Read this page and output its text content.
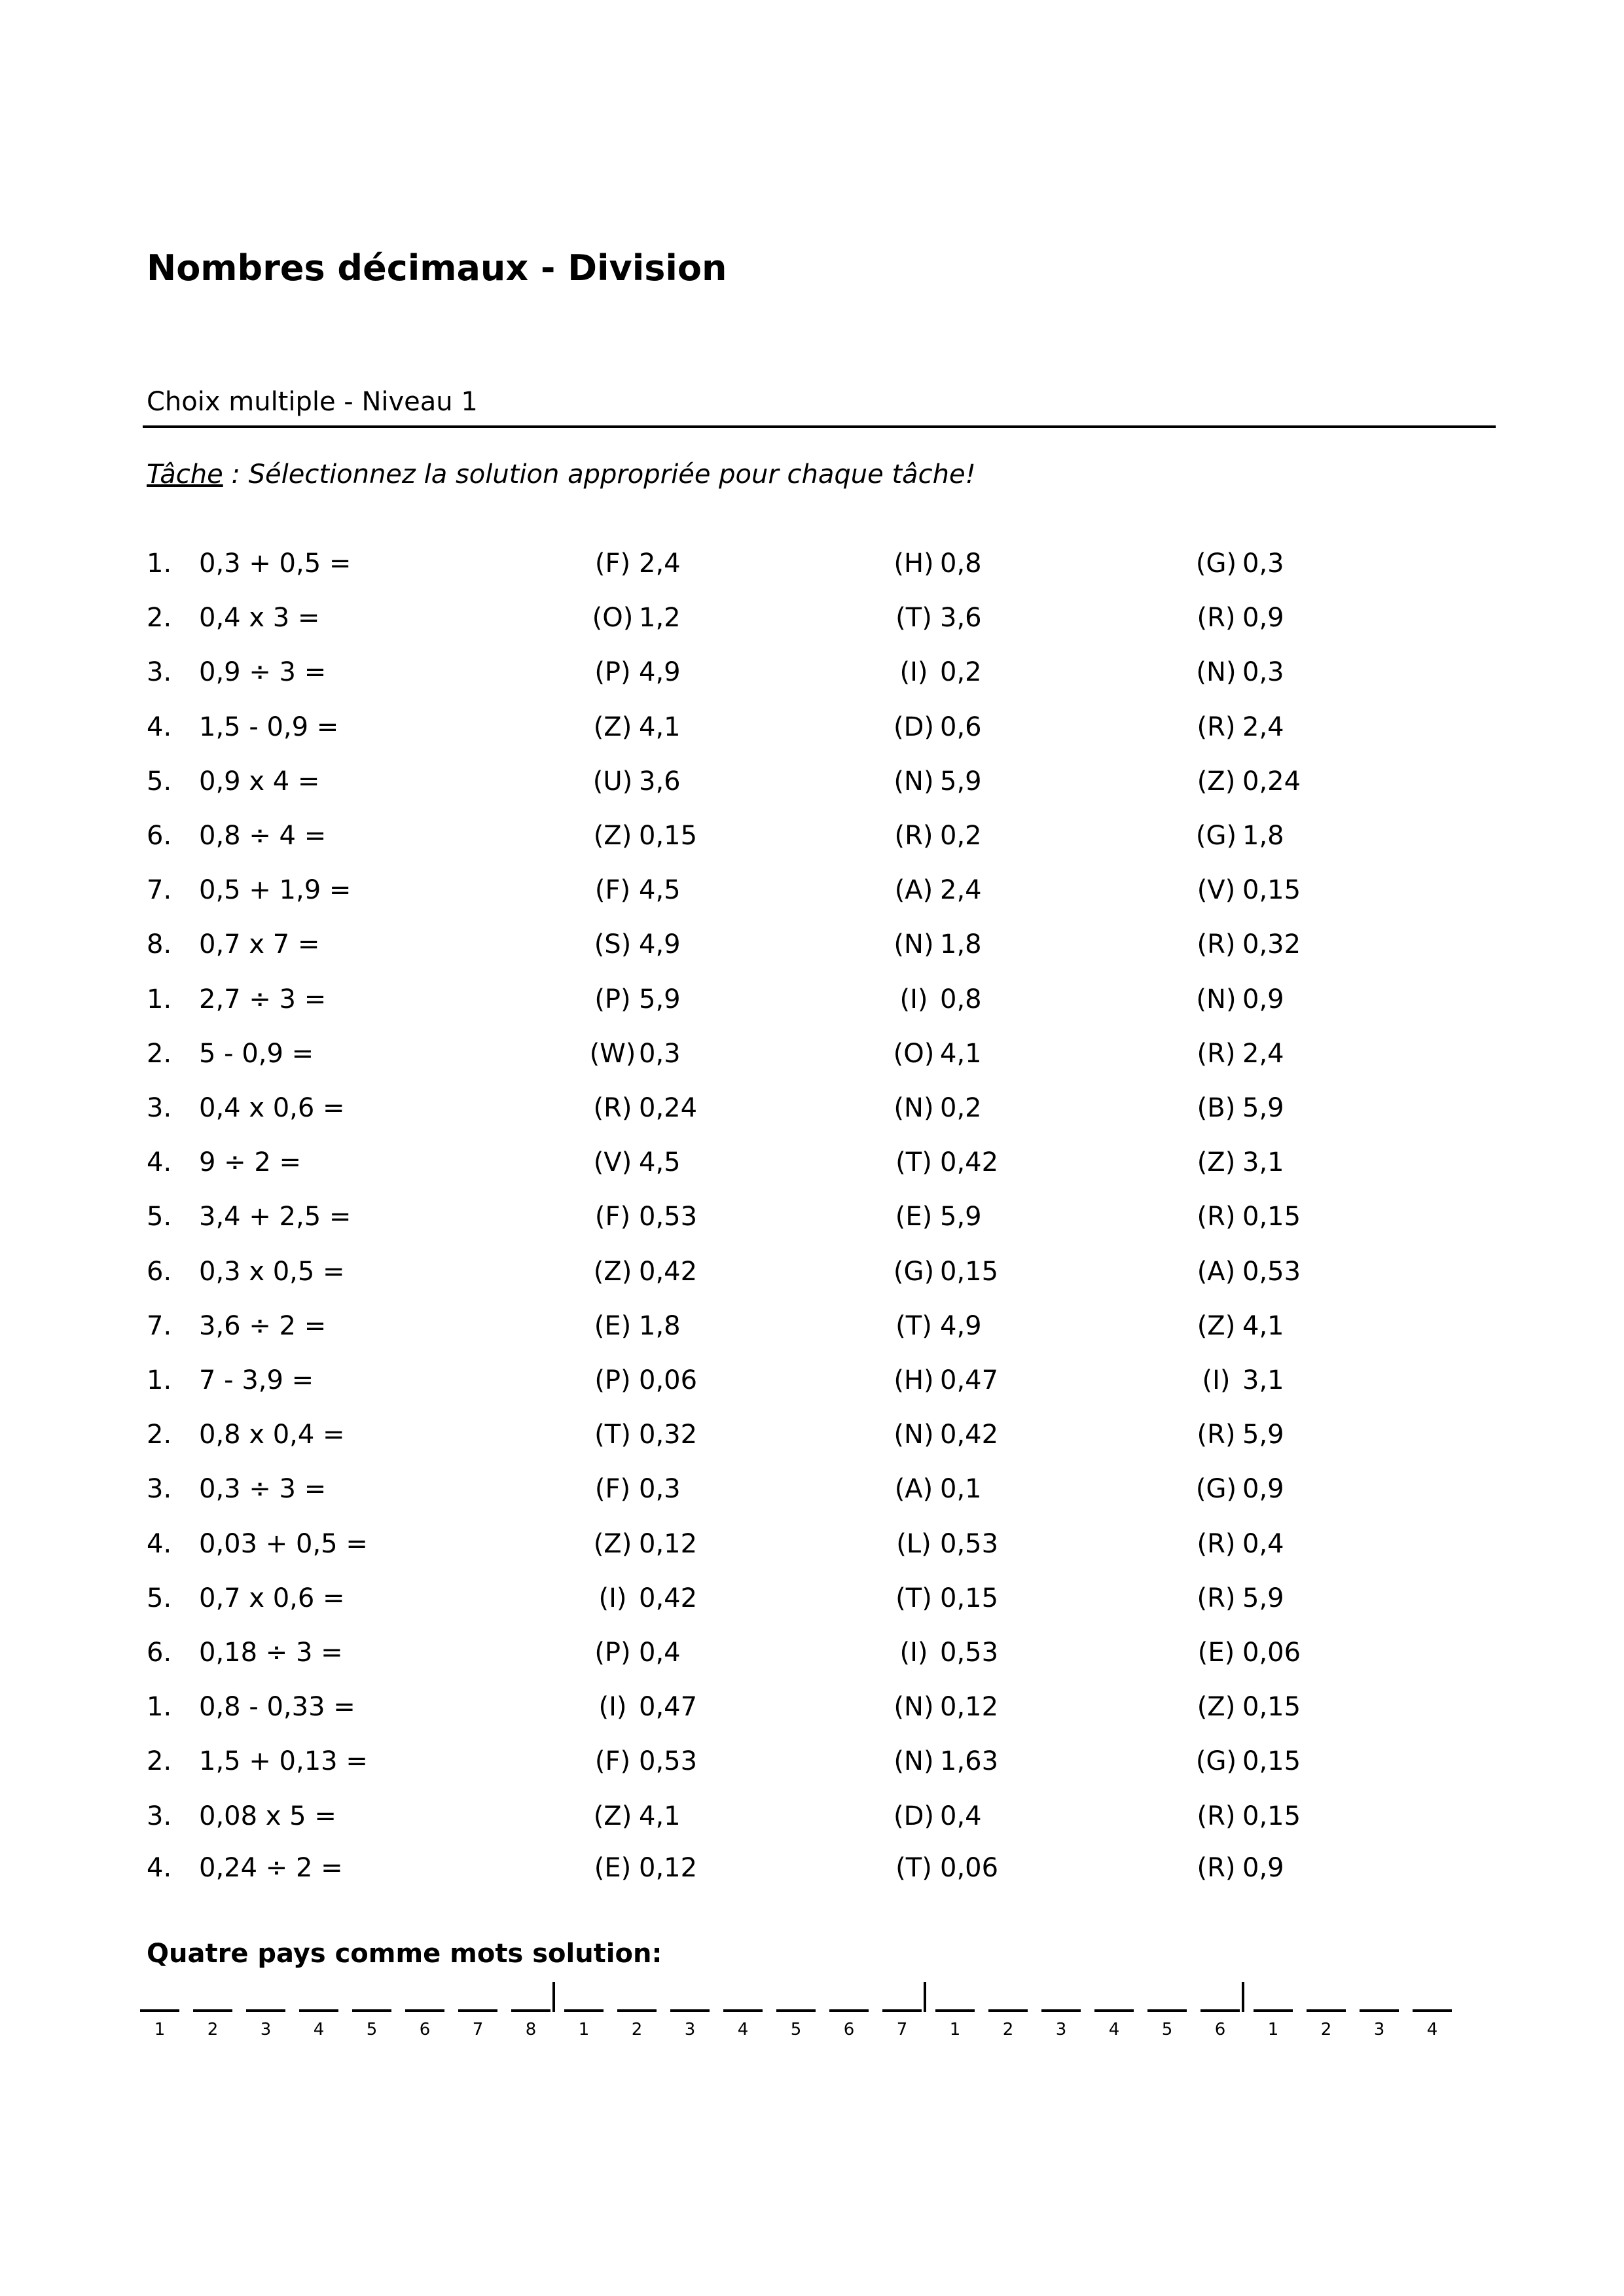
Nombres décimaux - Division
Choix multiple - Niveau 1
Tâche : Sélectionnez la solution appropriée pour chaque tâche!
1. 0,3 + 0,5 =	(F) 2,4	(H) 0,8	(G) 0,3
2. 0,4 x 3 =	(O) 1,2	(T) 3,6	(R) 0,9
3. 0,9 ÷ 3 =	(P) 4,9	(I) 0,2	(N) 0,3
4. 1,5 - 0,9 =	(Z) 4,1	(D) 0,6	(R) 2,4
5. 0,9 x 4 =	(U) 3,6	(N) 5,9	(Z) 0,24
6. 0,8 ÷ 4 =	(Z) 0,15	(R) 0,2	(G) 1,8
7. 0,5 + 1,9 =	(F) 4,5	(A) 2,4	(V) 0,15
8. 0,7 x 7 =	(S) 4,9	(N) 1,8	(R) 0,32
1. 2,7 ÷ 3 =	(P) 5,9	(I) 0,8	(N) 0,9
2. 5 - 0,9 =	(W) 0,3	(O) 4,1	(R) 2,4
3. 0,4 x 0,6 =	(R) 0,24	(N) 0,2	(B) 5,9
4. 9 ÷ 2 =	(V) 4,5	(T) 0,42	(Z) 3,1
5. 3,4 + 2,5 =	(F) 0,53	(E) 5,9	(R) 0,15
6. 0,3 x 0,5 =	(Z) 0,42	(G) 0,15	(A) 0,53
7. 3,6 ÷ 2 =	(E) 1,8	(T) 4,9	(Z) 4,1
1. 7 - 3,9 =	(P) 0,06	(H) 0,47	(I) 3,1
2. 0,8 x 0,4 =	(T) 0,32	(N) 0,42	(R) 5,9
3. 0,3 ÷ 3 =	(F) 0,3	(A) 0,1	(G) 0,9
4. 0,03 + 0,5 =	(Z) 0,12	(L) 0,53	(R) 0,4
5. 0,7 x 0,6 =	(I) 0,42	(T) 0,15	(R) 5,9
6. 0,18 ÷ 3 =	(P) 0,4	(I) 0,53	(E) 0,06
1. 0,8 - 0,33 =	(I) 0,47	(N) 0,12	(Z) 0,15
2. 1,5 + 0,13 =	(F) 0,53	(N) 1,63	(G) 0,15
3. 0,08 x 5 =	(Z) 4,1	(D) 0,4	(R) 0,15
4. 0,24 ÷ 2 =	(E) 0,12	(T) 0,06	(R) 0,9
Quatre pays comme mots solution:
1	2	3	4	5	6	7	8	1	2	3	4	5	6	7	1	2	3	4	5	6	1	2	3	4
